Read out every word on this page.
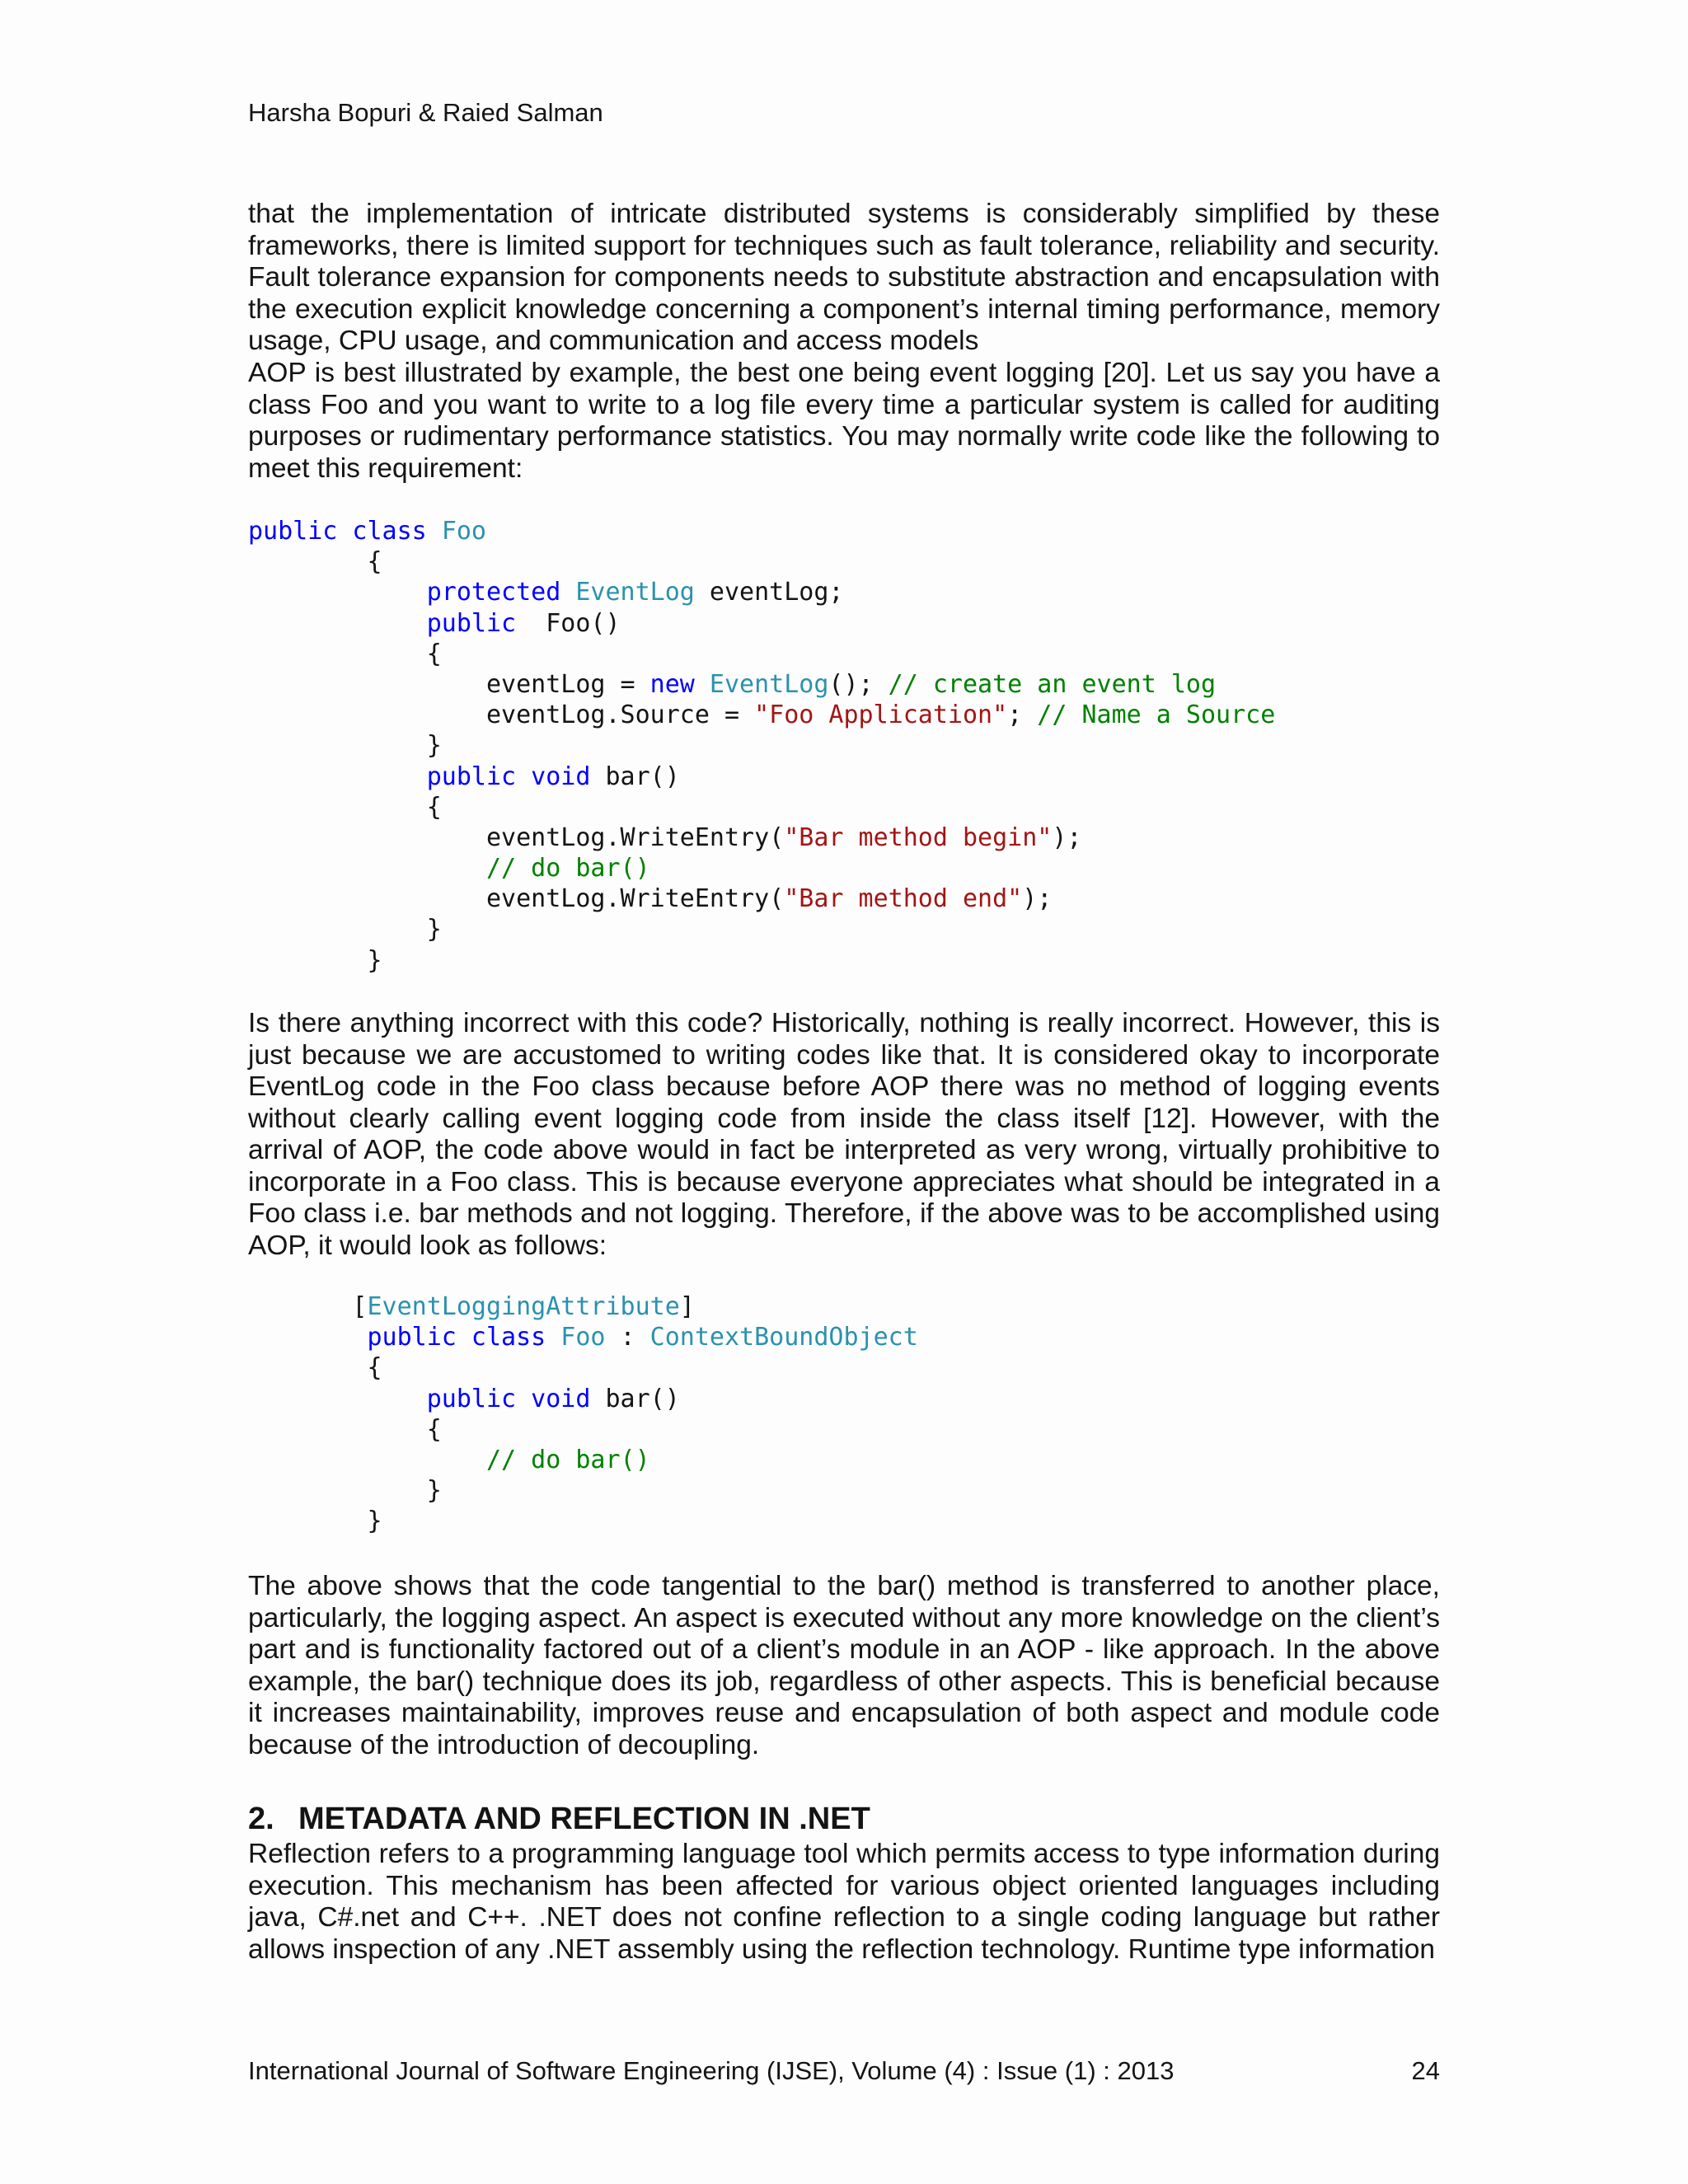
Harsha Bopuri & Raied Salman

that the implementation of intricate distributed systems is considerably simplified by these frameworks, there is limited support for techniques such as fault tolerance, reliability and security. Fault tolerance expansion for components needs to substitute abstraction and encapsulation with the execution explicit knowledge concerning a component’s internal timing performance, memory usage, CPU usage, and communication and access models

AOP is best illustrated by example, the best one being event logging [20]. Let us say you have a class Foo and you want to write to a log file every time a particular system is called for auditing purposes or rudimentary performance statistics. You may normally write code like the following to meet this requirement:

public class Foo
{
protected EventLog eventLog;
public  Foo()
{
eventLog = new EventLog(); // create an event log
eventLog.Source = "Foo Application"; // Name a Source
}
public void bar()
{
eventLog.WriteEntry("Bar method begin");
// do bar()
eventLog.WriteEntry("Bar method end");
}
}

Is there anything incorrect with this code? Historically, nothing is really incorrect. However, this is just because we are accustomed to writing codes like that. It is considered okay to incorporate EventLog code in the Foo class because before AOP there was no method of logging events without clearly calling event logging code from inside the class itself [12]. However, with the arrival of AOP, the code above would in fact be interpreted as very wrong, virtually prohibitive to incorporate in a Foo class. This is because everyone appreciates what should be integrated in a Foo class i.e. bar methods and not logging. Therefore, if the above was to be accomplished using AOP, it would look as follows:

[EventLoggingAttribute]
public class Foo : ContextBoundObject
{
public void bar()
{
// do bar()
}
}

The above shows that the code tangential to the bar() method is transferred to another place, particularly, the logging aspect. An aspect is executed without any more knowledge on the client’s part and is functionality factored out of a client’s module in an AOP - like approach. In the above example, the bar() technique does its job, regardless of other aspects. This is beneficial because it increases maintainability, improves reuse and encapsulation of both aspect and module code because of the introduction of decoupling.

2. METADATA AND REFLECTION IN .NET

Reflection refers to a programming language tool which permits access to type information during execution. This mechanism has been affected for various object oriented languages including java, C#.net and C++. .NET does not confine reflection to a single coding language but rather allows inspection of any .NET assembly using the reflection technology. Runtime type information

International Journal of Software Engineering (IJSE), Volume (4) : Issue (1) : 2013	24
